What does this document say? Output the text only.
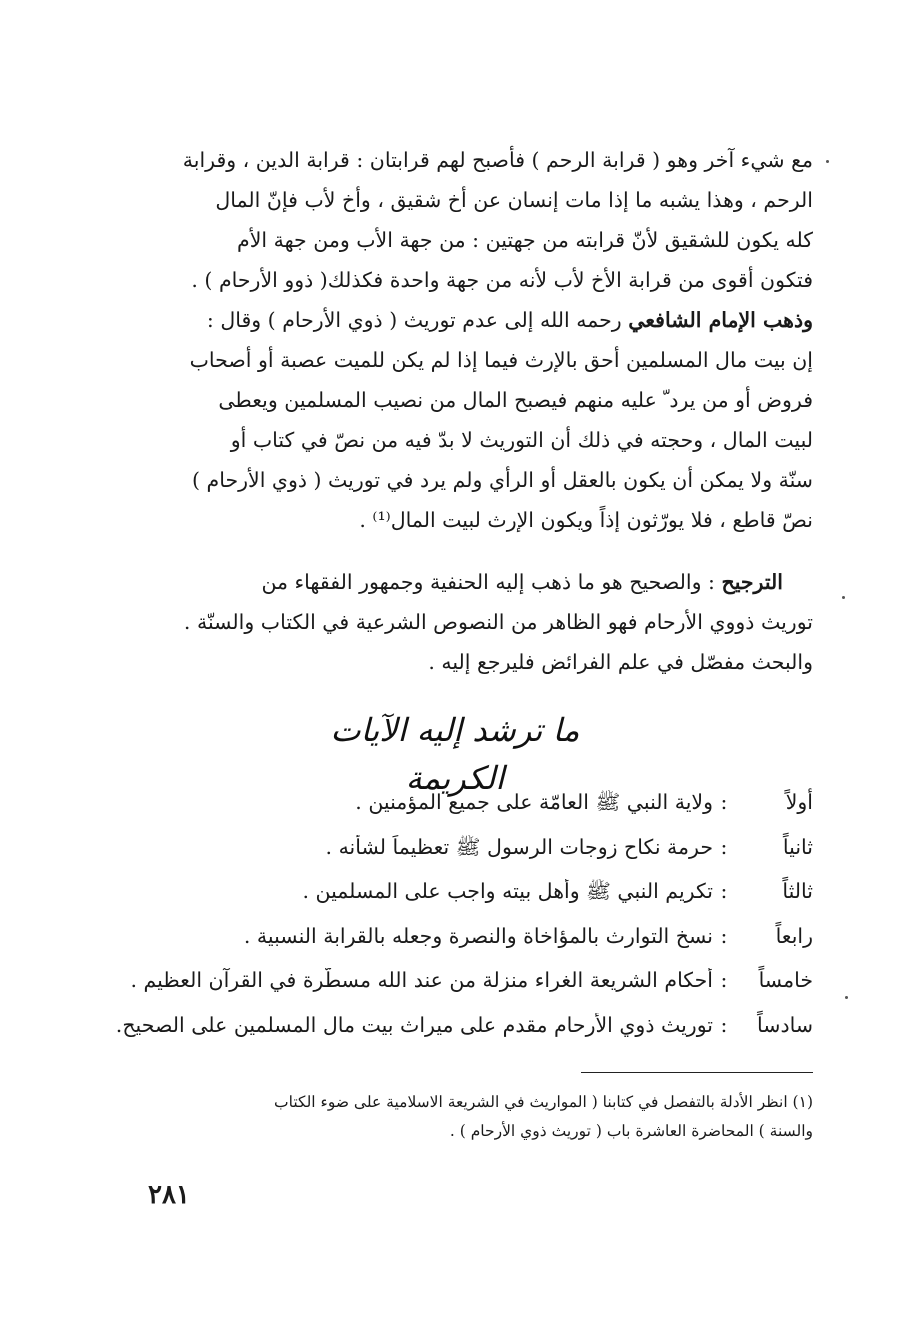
مع شيء آخر وهو ( قرابة الرحم ) فأصبح لهم قرابتان : قرابة الدين ، وقرابة
الرحم ، وهذا يشبه ما إذا مات إنسان عن أخ شقيق ، وأخ لأب فإنّ المال
كله يكون للشقيق لأنّ قرابته من جهتين : من جهة الأب ومن جهة الأم
فتكون أقوى من قرابة الأخ لأب لأنه من جهة واحدة فكذلك( ذوو الأرحام ) .
وذهب الإمام الشافعي رحمه الله إلى عدم توريث ( ذوي الأرحام ) وقال :
إن بيت مال المسلمين أحق بالإرث فيما إذا لم يكن للميت عصبة أو أصحاب
فروض أو من يرد ّ عليه منهم فيصبح المال من نصيب المسلمين ويعطى
لبيت المال ، وحجته في ذلك أن التوريث لا بدّ فيه من نصّ في كتاب أو
سنّة ولا يمكن أن يكون بالعقل أو الرأي ولم يرد في توريث ( ذوي الأرحام )
نصّ قاطع ، فلا يورّثون إذاً ويكون الإرث لبيت المال⁽¹⁾ .
الترجيح : والصحيح هو ما ذهب إليه الحنفية وجمهور الفقهاء من
توريث ذووي الأرحام فهو الظاهر من النصوص الشرعية في الكتاب والسنّة .
والبحث مفصّل في علم الفرائض فليرجع إليه .
ما ترشد إليه الآيات الكريمة
أولاً
:
ولاية النبي ﷺ العامّة على جميع المؤمنين .
ثانياً
:
حرمة نكاح زوجات الرسول ﷺ تعظيماً لشأنه .
ثالثاً
:
تكريم النبي ﷺ وأهل بيته واجب على المسلمين .
رابعاً
:
نسخ التوارث بالمؤاخاة والنصرة وجعله بالقرابة النسبية .
خامساً
:
أحكام الشريعة الغراء منزلة من عند الله مسطّرة في القرآن العظيم .
سادساً
:
توريث ذوي الأرحام مقدم على ميراث بيت مال المسلمين على الصحيح.
(١) انظر الأدلة بالتفصل في كتابنا ( المواريث في الشريعة الاسلامية على ضوء الكتاب
والسنة ) المحاضرة العاشرة باب ( توريث ذوي الأرحام ) .
٢٨١
